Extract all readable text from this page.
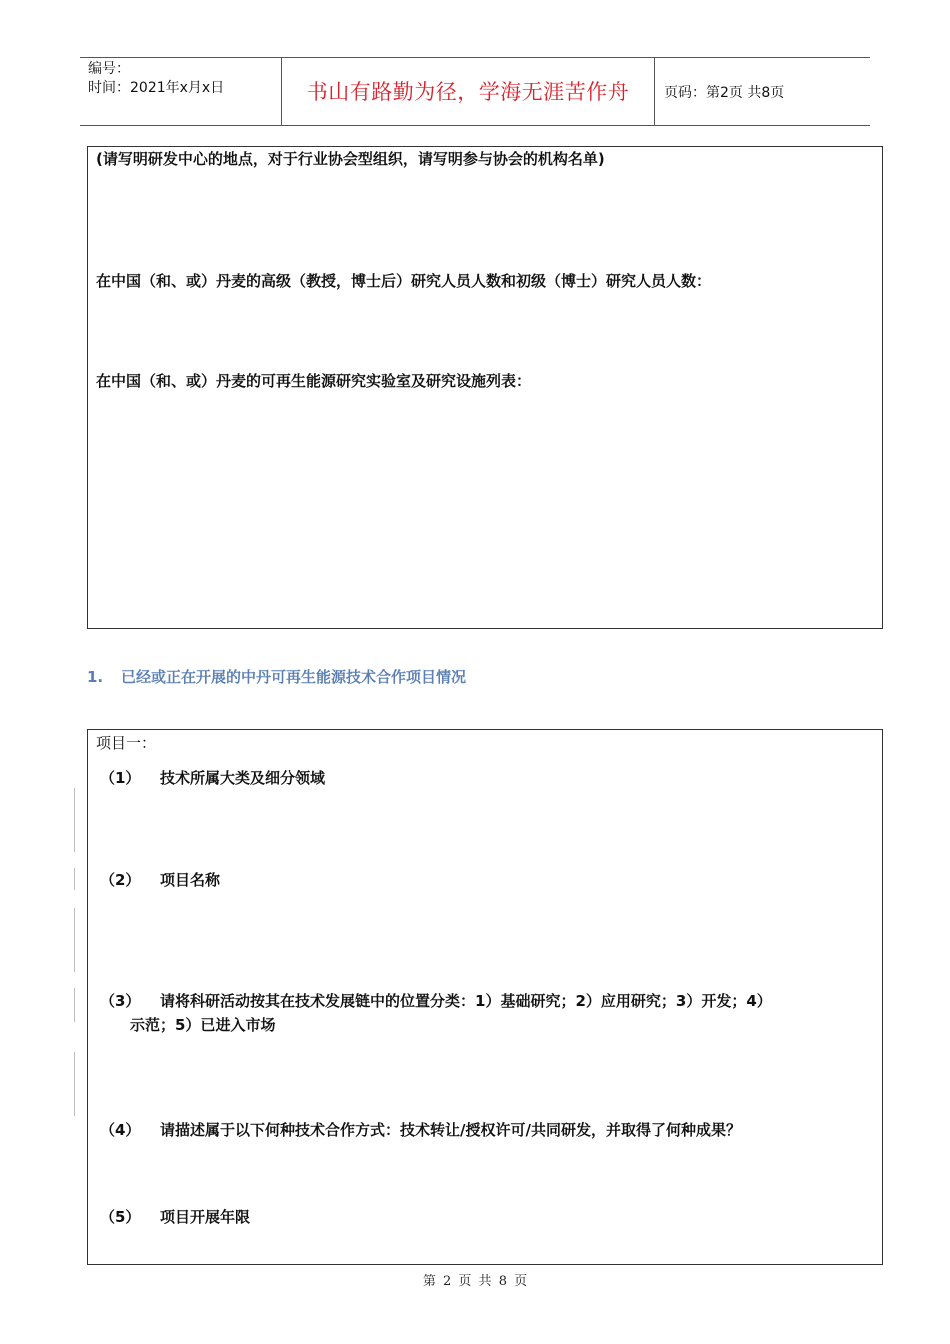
编号：
时间：2021年x月x日	书山有路勤为径，学海无涯苦作舟	页码：第2页 共8页
(请写明研发中心的地点，对于行业协会型组织，请写明参与协会的机构名单)
在中国（和、或）丹麦的高级（教授，博士后）研究人员人数和初级（博士）研究人员人数：
在中国（和、或）丹麦的可再生能源研究实验室及研究设施列表：
1. 已经或正在开展的中丹可再生能源技术合作项目情况
项目一：
（1） 技术所属大类及细分领域
（2） 项目名称
（3） 请将科研活动按其在技术发展链中的位置分类：1）基础研究；2）应用研究；3）开发；4）
示范；5）已进入市场
（4） 请描述属于以下何种技术合作方式：技术转让/授权许可/共同研发，并取得了何种成果？
（5） 项目开展年限
第 2 页 共 8 页
